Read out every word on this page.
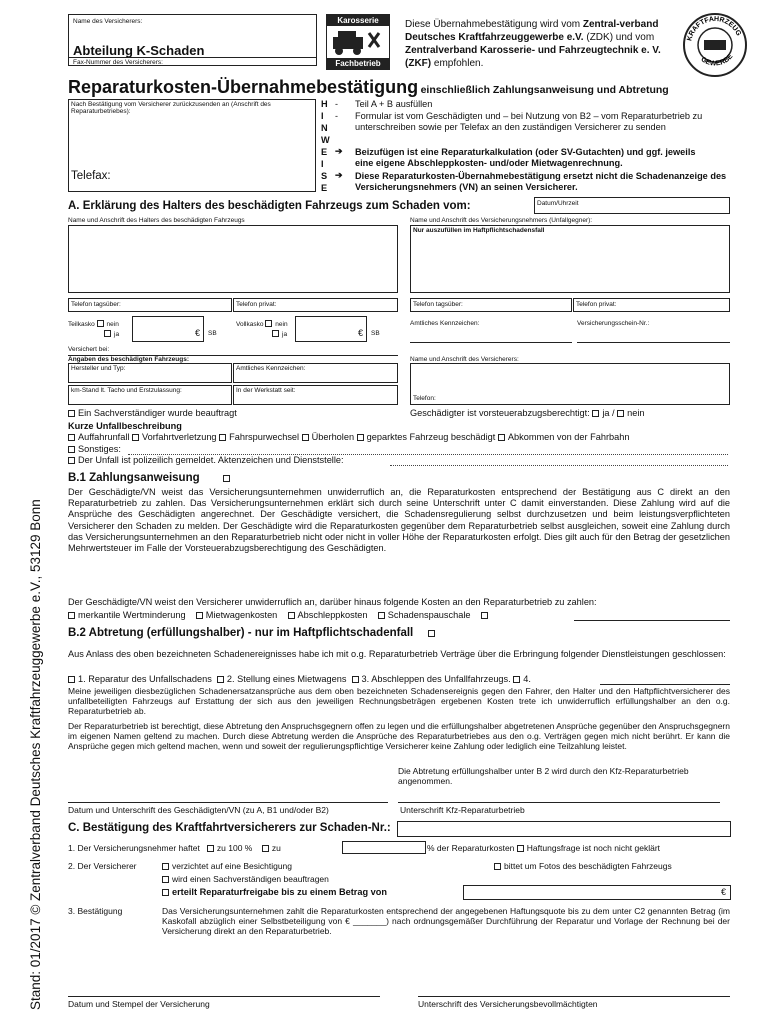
Stand: 01/2017 © Zentralverband Deutsches Kraftfahrzeuggewerbe e.V., 53129 Bonn
Name des Versicherers:
Abteilung K-Schaden
Fax-Nummer des Versicherers:
Karosserie
Fachbetrieb
Diese Übernahmebestätigung wird vom Zentral-verband Deutsches Kraftfahrzeuggewerbe e.V. (ZDK) und vom Zentralverband Karosserie- und Fahrzeugtechnik e. V. (ZKF) empfohlen.
KRAFTFAHRZEUG
GEWERBE
Reparaturkosten-Übernahmebestätigung einschließlich Zahlungsanweisung und Abtretung
Nach Bestätigung vom Versicherer zurückzusenden an (Anschrift des Reparaturbetriebes):
Telefax:
H
I
N
W
E
I
S
E
-
-
➔
➔
Teil A + B ausfüllen
Formular ist vom Geschädigten und – bei Nutzung von B2 – vom Reparaturbetrieb zu unterschreiben sowie per Telefax an den zuständigen Versicherer zu senden
Beizufügen ist eine Reparaturkalkulation (oder SV-Gutachten) und ggf. jeweils eine eigene Abschleppkosten- und/oder Mietwagenrechnung.
Diese Reparaturkosten-Übernahmebestätigung ersetzt nicht die Schadenanzeige des Versicherungsnehmers (VN) an seinen Versicherer.
A. Erklärung des Halters des beschädigten Fahrzeugs zum Schaden vom:	Datum/Uhrzeit
Name und Anschrift des Halters des beschädigten Fahrzeugs	Name und Anschrift des Versicherungsnehmers (Unfallgegner):
Nur auszufüllen im Haftpflichtschadensfall
Telefon tagsüber:	Telefon privat:	Telefon tagsüber:	Telefon privat:
Teilkasko nein
ja	€ SB
Vollkasko nein
ja	€ SB
Amtliches Kennzeichen:	Versicherungsschein-Nr.:
Versichert bei:
Angaben des beschädigten Fahrzeugs:
Hersteller und Typ:	Amtliches Kennzeichen:
km-Stand lt. Tacho und Erstzulassung:	In der Werkstatt seit:
Name und Anschrift des Versicherers:
Telefon:
Ein Sachverständiger wurde beauftragt	Geschädigter ist vorsteuerabzugsberechtigt: ja / nein
Kurze Unfallbeschreibung
Auffahrunfall Vorfahrtverletzung Fahrspurwechsel Überholen geparktes Fahrzeug beschädigt Abkommen von der Fahrbahn
Sonstiges:
Der Unfall ist polizeilich gemeldet. Aktenzeichen und Dienststelle:
B.1 Zahlungsanweisung
Der Geschädigte/VN weist das Versicherungsunternehmen unwiderruflich an, die Reparaturkosten entsprechend der Bestätigung aus C direkt an den Reparaturbetrieb zu zahlen. Das Versicherungsunternehmen erklärt sich durch seine Unterschrift unter C damit einverstanden. Diese Zahlung wird auf die Ansprüche des Geschädigten angerechnet. Der Geschädigte versichert, die Schadensregulierung selbst durchzusetzen und beim leistungsverpflichteten Versicherer den Schaden zu melden. Der Geschädigte wird die Reparaturkosten gegenüber dem Reparaturbetrieb selbst ausgleichen, soweit eine Zahlung durch das Versicherungsunternehmen an den Reparaturbetrieb nicht oder nicht in voller Höhe der Reparaturkosten erfolgt. Dies gilt auch für den Betrag der gesetzlichen Mehrwertsteuer im Falle der Vorsteuerabzugsberechtigung des Geschädigten.
Der Geschädigte/VN weist den Versicherer unwiderruflich an, darüber hinaus folgende Kosten an den Reparaturbetrieb zu zahlen:
merkantile Wertminderung Mietwagenkosten Abschleppkosten Schadenspauschale
B.2 Abtretung (erfüllungshalber) - nur im Haftpflichtschadenfall
Aus Anlass des oben bezeichneten Schadenereignisses habe ich mit o.g. Reparaturbetrieb Verträge über die Erbringung folgender Dienstleistungen geschlossen:
1. Reparatur des Unfallschadens 2. Stellung eines Mietwagens 3. Abschleppen des Unfallfahrzeugs. 4.
Meine jeweiligen diesbezüglichen Schadenersatzansprüche aus dem oben bezeichneten Schadensereignis gegen den Fahrer, den Halter und den Haftpflichtversicherer des unfallbeteiligten Fahrzeugs auf Erstattung der sich aus den jeweiligen Rechnungsbeträgen ergebenen Kosten trete ich unwiderruflich erfüllungshalber an den o.g. Reparaturbetrieb ab.
Der Reparaturbetrieb ist berechtigt, diese Abtretung den Anspruchsgegnern offen zu legen und die erfüllungshalber abgetretenen Ansprüche gegenüber den Anspruchsgegnern im eigenen Namen geltend zu machen. Durch diese Abtretung werden die Ansprüche des Reparaturbetriebes aus den o.g. Verträgen gegen mich nicht berührt. Er kann die Ansprüche gegen mich geltend machen, wenn und soweit der regulierungspflichtige Versicherer keine Zahlung oder lediglich eine Teilzahlung leistet.
Die Abtretung erfüllungshalber unter B 2 wird durch den Kfz-Reparaturbetrieb angenommen.
Datum und Unterschrift des Geschädigten/VN (zu A, B1 und/oder B2)	Unterschrift Kfz-Reparaturbetrieb
C. Bestätigung des Kraftfahrtversicherers zur Schaden-Nr.:
1. Der Versicherungsnehmer haftet zu 100 % zu	% der Reparaturkosten Haftungsfrage ist noch nicht geklärt
2. Der Versicherer	verzichtet auf eine Besichtigung	bittet um Fotos des beschädigten Fahrzeugs
wird einen Sachverständigen beauftragen
erteilt Reparaturfreigabe bis zu einem Betrag von	€
3. Bestätigung	Das Versicherungsunternehmen zahlt die Reparaturkosten entsprechend der angegebenen Haftungsquote bis zu dem unter C2 genannten Betrag (im Kaskofall abzüglich einer Selbstbeteiligung von € _______) nach ordnungsgemäßer Durchführung der Reparatur und Vorlage der Rechnung bei der Versicherung direkt an den Reparaturbetrieb.
Datum und Stempel der Versicherung	Unterschrift des Versicherungsbevollmächtigten
